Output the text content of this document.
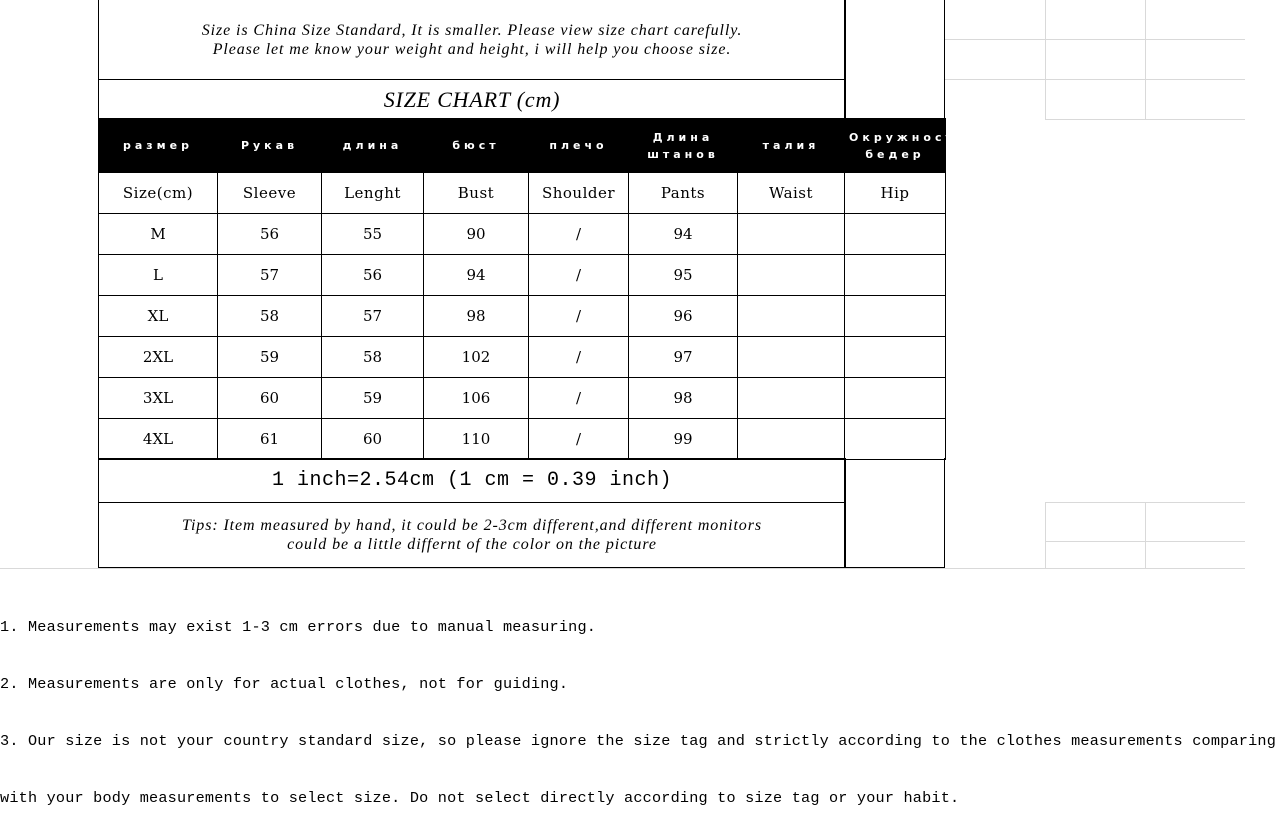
Size is China Size Standard, It is smaller. Please view size chart carefully.
Please let me know your weight and height, i will help you choose size.
SIZE CHART (cm)
размер	Рукав	длина	бюст	плечо	Длина штанов	талия	Окружность бедер
Size(cm)	Sleeve	Lenght	Bust	Shoulder	Pants	Waist	Hip
M	56	55	90	/	94		
L	57	56	94	/	95		
XL	58	57	98	/	96		
2XL	59	58	102	/	97		
3XL	60	59	106	/	98		
4XL	61	60	110	/	99		
1 inch=2.54cm (1 cm = 0.39 inch)
Tips: Item measured by hand, it could be 2-3cm different,and different monitors
could be a little differnt of the color on the picture

1. Measurements may exist 1-3 cm errors due to manual measuring.

2. Measurements are only for actual clothes, not for guiding.

3. Our size is not your country standard size, so please ignore the size tag and strictly according to the clothes measurements comparing

with your body measurements to select size. Do not select directly according to size tag or your habit.
